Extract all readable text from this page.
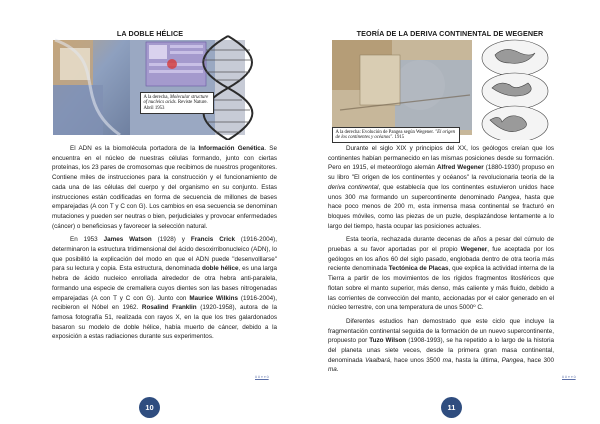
LA DOBLE HÉLICE
A la derecha, Molecular structure of nucleics acids. Reviste Nature. Abril 1953

El ADN es la biomolécula portadora de la Información Genética. Se encuentra en el núcleo de nuestras células formando, junto con ciertas proteínas, los 23 pares de cromosomas que recibimos de nuestros progenitores. Contiene miles de instrucciones para la construcción y el funcionamiento de cada una de las células del cuerpo y del organismo en su conjunto. Estas instrucciones están codificadas en forma de secuencia de millones de bases emparejadas (A con T y C con G). Los cambios en esa secuencia se denominan mutaciones y pueden ser neutras o bien, perjudiciales y provocar enfermedades (cáncer) o beneficiosas y favorecer la selección natural.

En 1953 James Watson (1928) y Francis Crick (1916-2004), determinaron la estructura tridimensional del ácido desoxirribonucleico (ADN), lo que posibilitó la explicación del modo en que el ADN puede "desenvolllarse" para su lectura y copia. Esta estructura, denominada doble hélice, es una larga hebra de ácido nucleico enrollada alrededor de otra hebra anti-paralela, formando una especie de cremallera cuyos dientes son las bases nitrogenadas emparejadas (A con T y C con G). Junto con Maurice Wilkins (1916-2004), recibieron el Nóbel en 1962. Rosalind Franklin (1920-1958), autora de la famosa fotografía 51, realizada con rayos X, en la que los tres galardonados basaron su modelo de doble hélice, había muerto de cáncer, debido a la exposición a estas radiaciones durante sus experimentos.

ü ü ¤ ¤ ü
10
TEORÍA DE LA DERIVA CONTINENTAL DE WEGENER
A la derecha: Evolución de Pangea según Wegener. "El origen de los continentes y océanos". 1915

Durante el siglo XIX y principios del XX, los geólogos creían que los continentes habían permanecido en las mismas posiciones desde su formación. Pero en 1915, el meteorólogo alemán Alfred Wegener (1880-1930) propuso en su libro "El origen de los continentes y océanos" la revolucionaria teoría de la deriva continental, que establecía que los continentes estuvieron unidos hace unos 300 ma formando un supercontinente denominado Pangea, hasta que hace poco menos de 200 m, esta inmensa masa continental se fracturó en bloques móviles, como las piezas de un puzle, desplazándose lentamente a lo largo del tiempo, hasta ocupar las posiciones actuales.

Esta teoría, rechazada durante decenas de años a pesar del cúmulo de pruebas a su favor aportadas por el propio Wegener, fue aceptada por los geólogos en los años 60 del siglo pasado, englobada dentro de otra teoría más reciente denominada Tectónica de Placas, que explica la actividad interna de la Tierra a partir de los movimientos de los rígidos fragmentos litosféricos que flotan sobre el manto superior, más denso, más caliente y más fluido, debido a las corrientes de convección del manto, accionadas por el calor generado en el núcleo terrestre, con una temperatura de unos 5000º C.

Diferentes estudios han demostrado que este ciclo que incluye la fragmentación continental seguida de la formación de un nuevo supercontinente, propuesto por Tuzo Wilson (1908-1993), se ha repetido a lo largo de la historia del planeta unas siete veces, desde la primera gran masa continental, denominada Vaalbará, hace unos 3500 ma, hasta la última, Pangea, hace 300 ma.

ü ü ¤ ¤ ü
11
